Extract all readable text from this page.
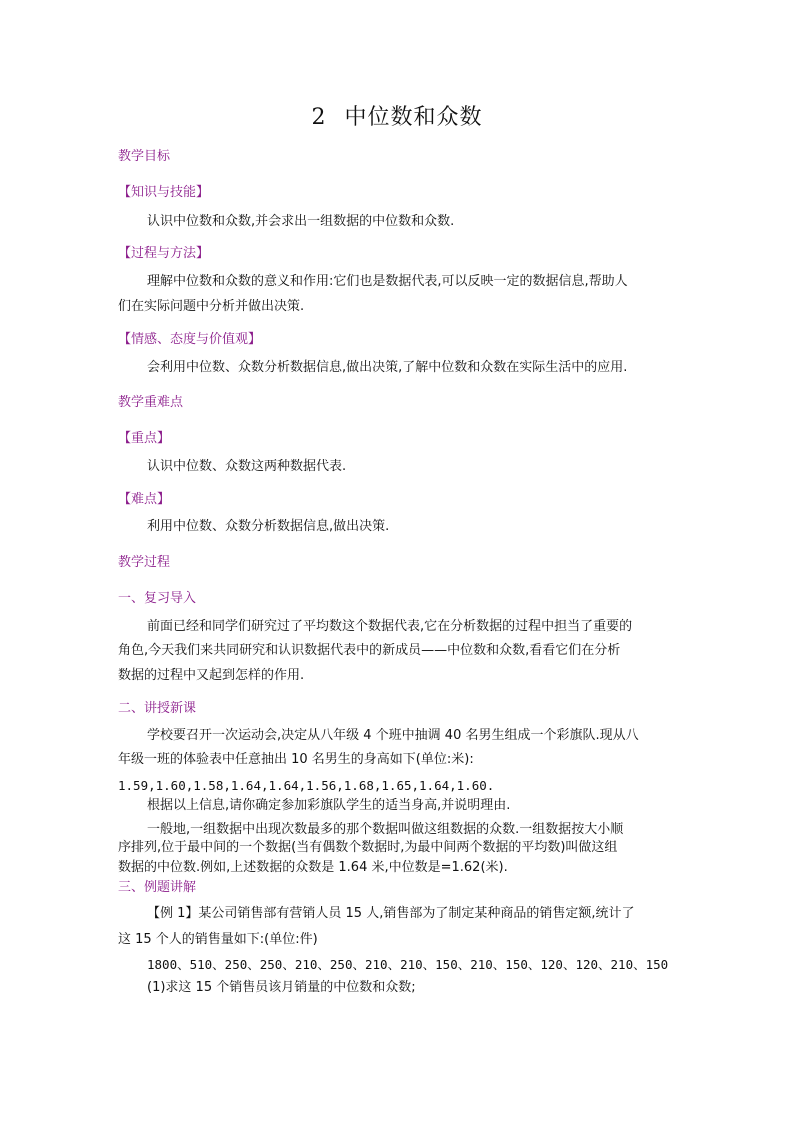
2 中位数和众数
教学目标
【知识与技能】
认识中位数和众数,并会求出一组数据的中位数和众数.
【过程与方法】
理解中位数和众数的意义和作用:它们也是数据代表,可以反映一定的数据信息,帮助人
们在实际问题中分析并做出决策.
【情感、态度与价值观】
会利用中位数、众数分析数据信息,做出决策,了解中位数和众数在实际生活中的应用.
教学重难点
【重点】
认识中位数、众数这两种数据代表.
【难点】
利用中位数、众数分析数据信息,做出决策.
教学过程
一、复习导入
前面已经和同学们研究过了平均数这个数据代表,它在分析数据的过程中担当了重要的
角色,今天我们来共同研究和认识数据代表中的新成员——中位数和众数,看看它们在分析
数据的过程中又起到怎样的作用.
二、讲授新课
学校要召开一次运动会,决定从八年级 4 个班中抽调 40 名男生组成一个彩旗队.现从八
年级一班的体验表中任意抽出 10 名男生的身高如下(单位:米):
1.59,1.60,1.58,1.64,1.64,1.56,1.68,1.65,1.64,1.60.
根据以上信息,请你确定参加彩旗队学生的适当身高,并说明理由.
一般地,一组数据中出现次数最多的那个数据叫做这组数据的众数.一组数据按大小顺
序排列,位于最中间的一个数据(当有偶数个数据时,为最中间两个数据的平均数)叫做这组
数据的中位数.例如,上述数据的众数是 1.64 米,中位数是=1.62(米).
三、例题讲解
【例 1】某公司销售部有营销人员 15 人,销售部为了制定某种商品的销售定额,统计了
这 15 个人的销售量如下:(单位:件)
1800、510、250、250、210、250、210、210、150、210、150、120、120、210、150
(1)求这 15 个销售员该月销量的中位数和众数;
